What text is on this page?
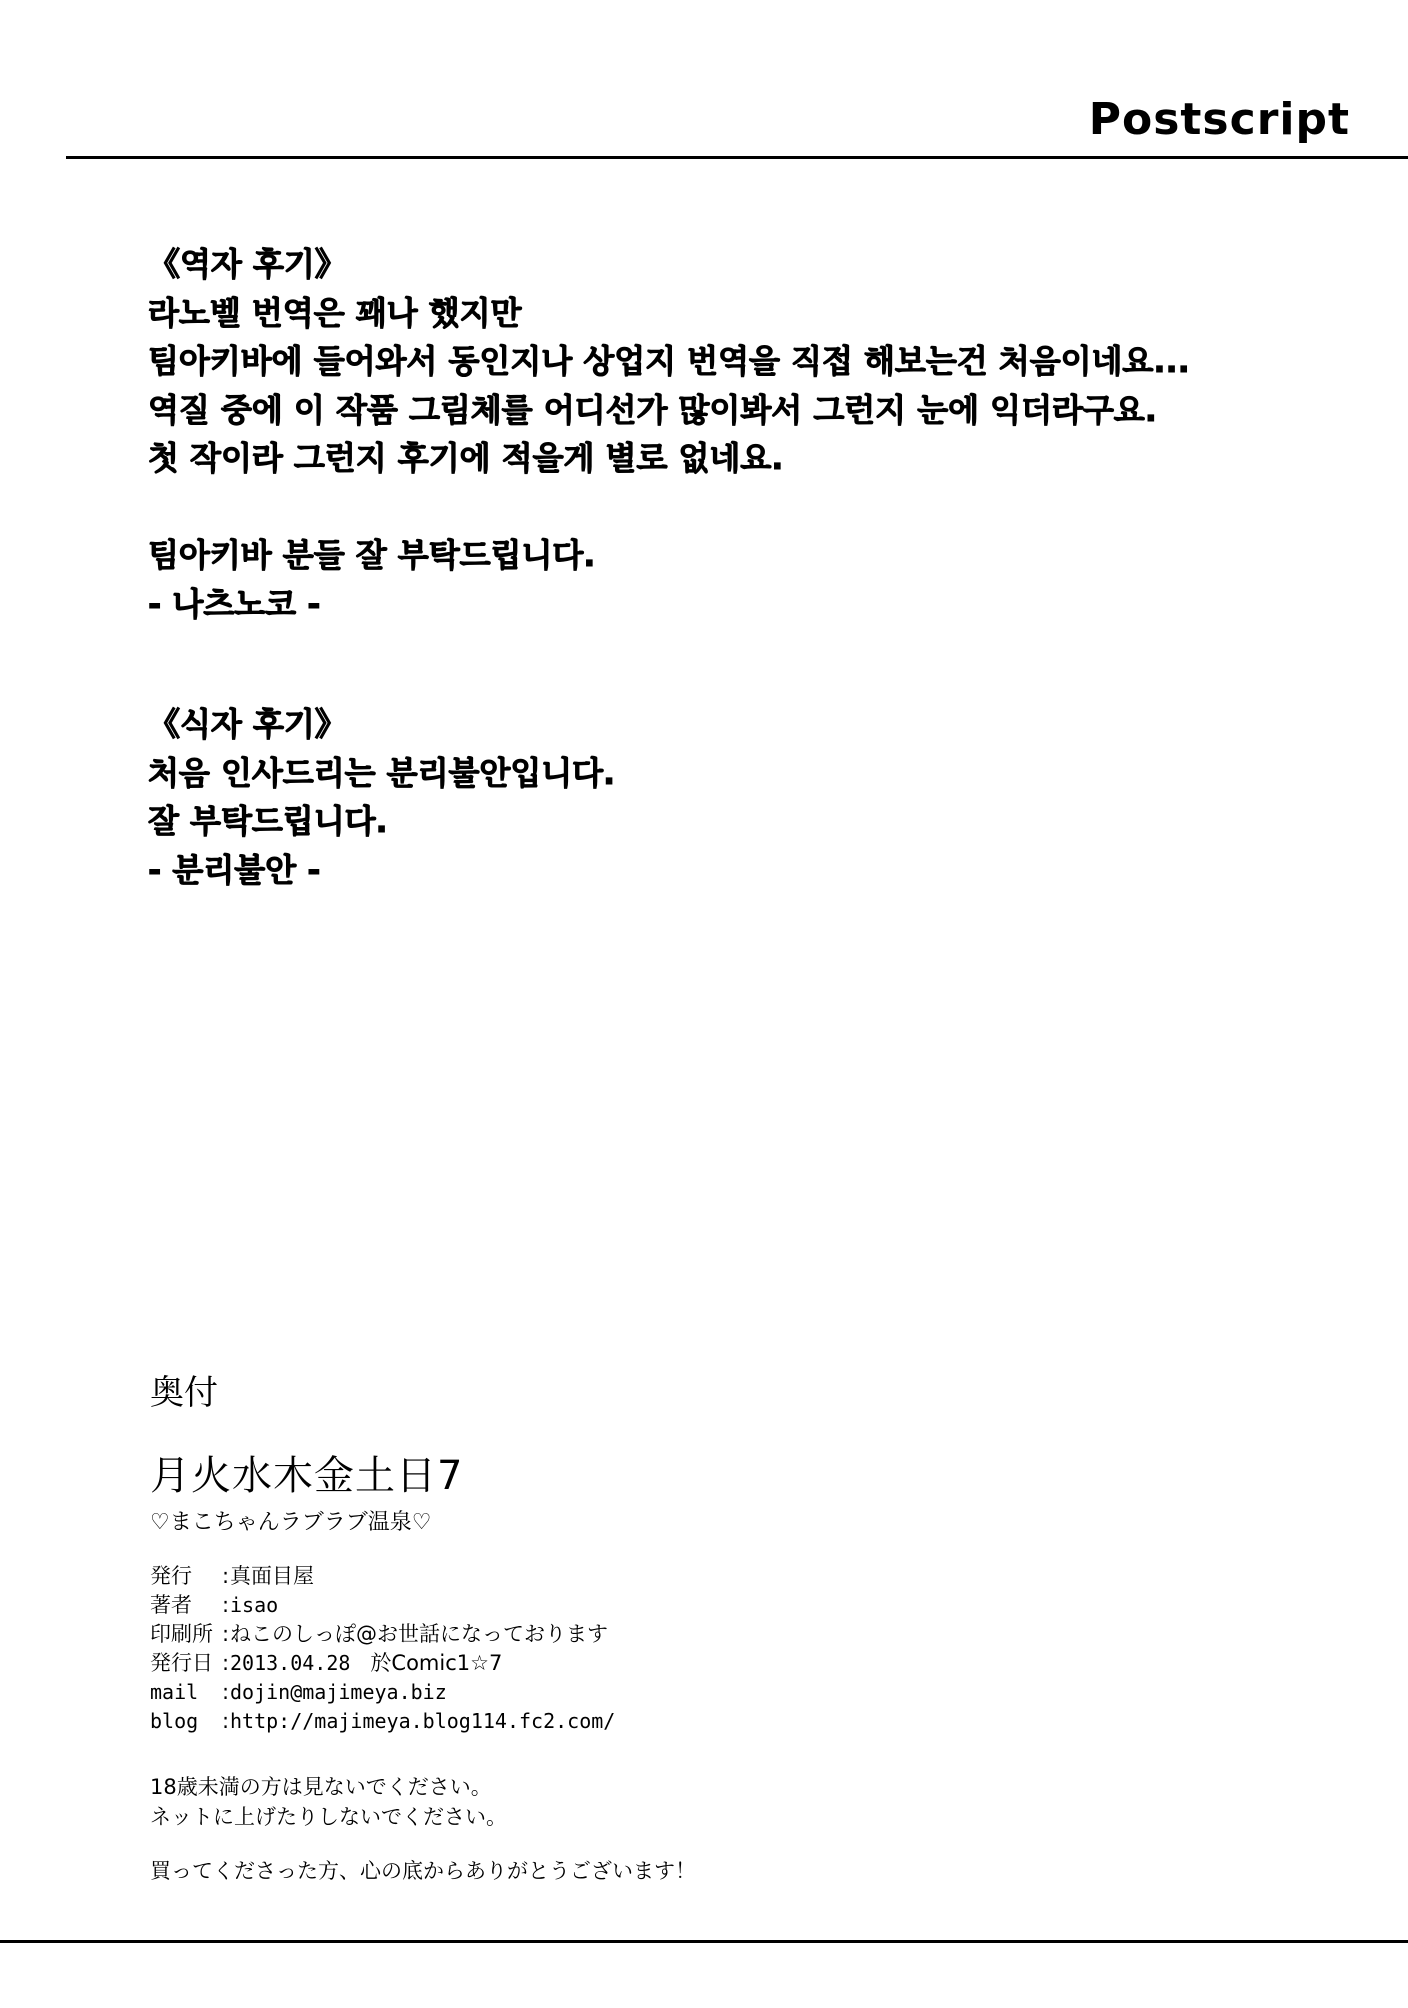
Postscript
《역자 후기》
라노벨 번역은 꽤나 했지만
팀아키바에 들어와서 동인지나 상업지 번역을 직접 해보는건 처음이네요...
역질 중에 이 작품 그림체를 어디선가 많이봐서 그런지 눈에 익더라구요.
첫 작이라 그런지 후기에 적을게 별로 없네요.
팀아키바 분들 잘 부탁드립니다.
- 나츠노코 -
《식자 후기》
처음 인사드리는 분리불안입니다.
잘 부탁드립니다.
- 분리불안 -
奥付
月火水木金土日7
♡まこちゃんラブラブ温泉♡
発行	: 真面目屋
著者	: isao
印刷所 : ねこのしっぽ@お世話になっております
発行日 : 2013.04.28 於Comic1☆7
mail	: dojin@majimeya.biz
blog	: http://majimeya.blog114.fc2.com/
18歳未満の方は見ないでください。
ネットに上げたりしないでください。
買ってくださった方、心の底からありがとうございます！
